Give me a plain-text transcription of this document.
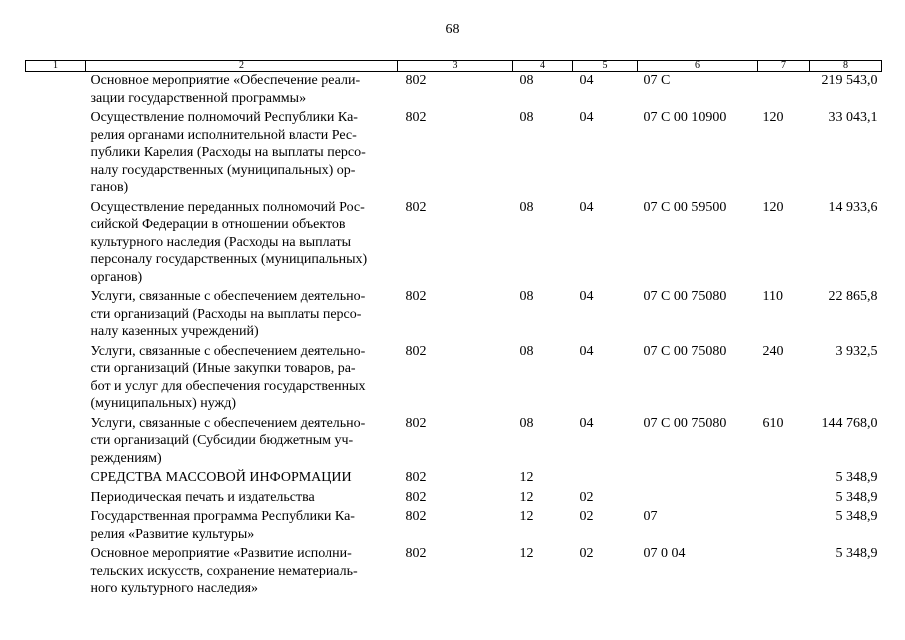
68
1	2	3	4	5	6	7	8

	Основное мероприятие «Обеспечение реали-
зации государственной программы»	802	08	04	07 С		219 543,0

	Осуществление полномочий Республики Ка-
релия органами исполнительной власти Рес-
публики Карелия (Расходы на выплаты персо-
налу государственных (муниципальных) ор-
ганов)	802	08	04	07 С 00 10900	120	33 043,1

	Осуществление переданных полномочий Рос-
сийской Федерации в отношении объектов
культурного наследия (Расходы на выплаты
персоналу государственных (муниципальных)
органов)	802	08	04	07 С 00 59500	120	14 933,6

	Услуги, связанные с обеспечением деятельно-
сти организаций (Расходы на выплаты персо-
налу казенных учреждений)	802	08	04	07 С 00 75080	110	22 865,8

	Услуги, связанные с обеспечением деятельно-
сти организаций (Иные закупки товаров, ра-
бот и услуг для обеспечения государственных
(муниципальных) нужд)	802	08	04	07 С 00 75080	240	3 932,5

	Услуги, связанные с обеспечением деятельно-
сти организаций (Субсидии бюджетным уч-
реждениям)	802	08	04	07 С 00 75080	610	144 768,0

	СРЕДСТВА МАССОВОЙ ИНФОРМАЦИИ	802	12				5 348,9

	Периодическая печать и издательства	802	12	02			5 348,9

	Государственная программа Республики Ка-
релия «Развитие культуры»	802	12	02	07		5 348,9

	Основное мероприятие «Развитие исполни-
тельских искусств, сохранение нематериаль-
ного культурного наследия»	802	12	02	07 0 04		5 348,9
